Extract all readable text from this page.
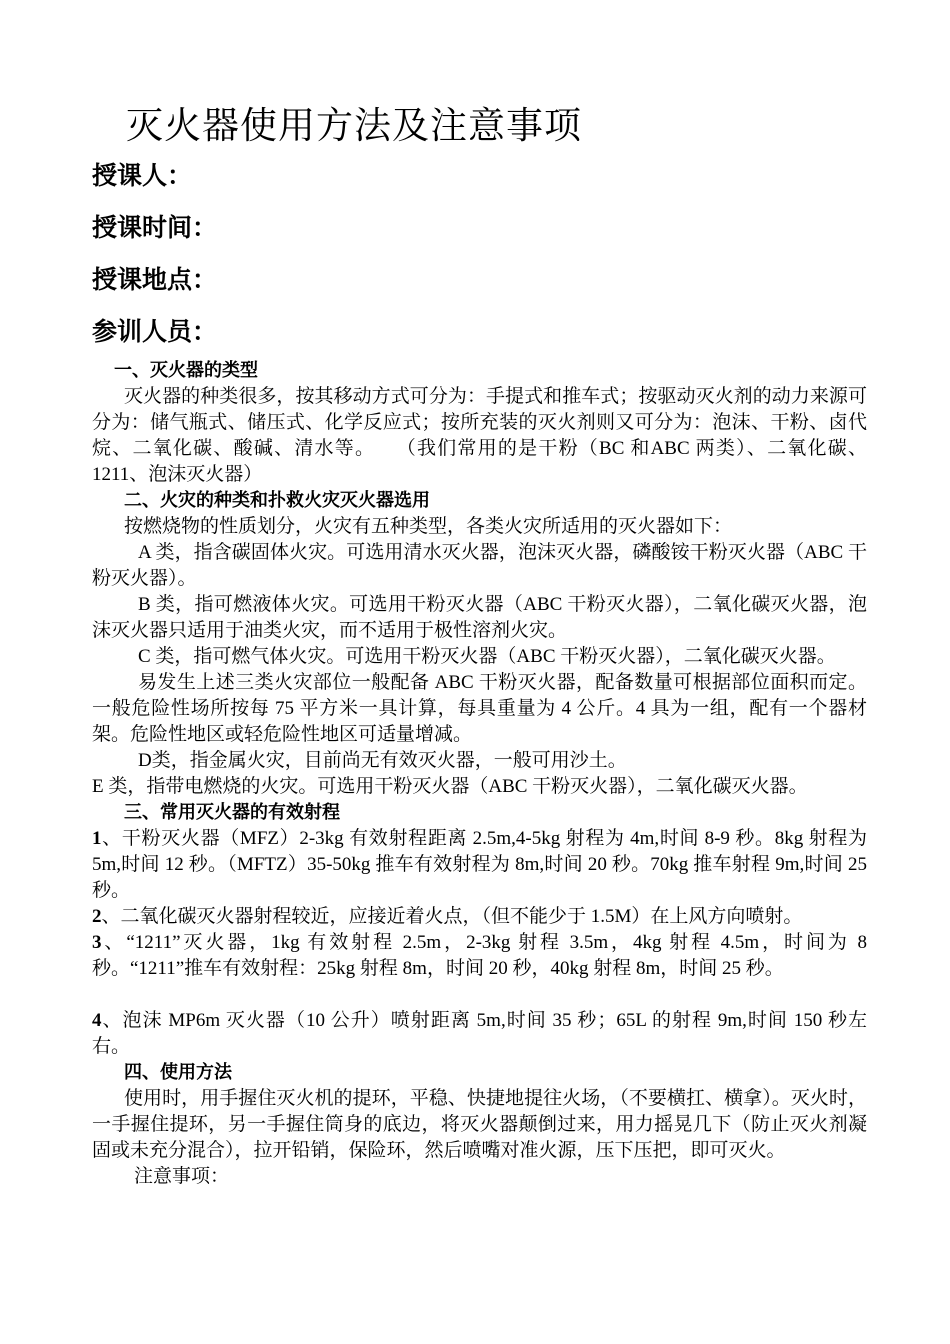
灭火器使用方法及注意事项

授课人：

授课时间：

授课地点：

参训人员：

一、灭火器的类型

灭火器的种类很多，按其移动方式可分为：手提式和推车式；按驱动灭火剂的动力来源可分为：储气瓶式、储压式、化学反应式；按所充装的灭火剂则又可分为：泡沫、干粉、卤代烷、二氧化碳、酸碱、清水等。　　（我们常用的是干粉（BC 和ABC 两类）、二氧化碳、1211、泡沫灭火器）

二、火灾的种类和扑救火灾灭火器选用

按燃烧物的性质划分，火灾有五种类型，各类火灾所适用的灭火器如下：

A 类，指含碳固体火灾。可选用清水灭火器，泡沫灭火器，磷酸铵干粉灭火器（ABC 干粉灭火器）。

B 类，指可燃液体火灾。可选用干粉灭火器（ABC 干粉灭火器），二氧化碳灭火器，泡沫灭火器只适用于油类火灾，而不适用于极性溶剂火灾。

C 类，指可燃气体火灾。可选用干粉灭火器（ABC 干粉灭火器），二氧化碳灭火器。

易发生上述三类火灾部位一般配备 ABC 干粉灭火器，配备数量可根据部位面积而定。一般危险性场所按每 75 平方米一具计算，每具重量为 4 公斤。4 具为一组，配有一个器材架。危险性地区或轻危险性地区可适量增减。

D类，指金属火灾，目前尚无有效灭火器，一般可用沙土。

E 类，指带电燃烧的火灾。可选用干粉灭火器（ABC 干粉灭火器），二氧化碳灭火器。

三、常用灭火器的有效射程

1、干粉灭火器（MFZ）2-3kg 有效射程距离 2.5m,4-5kg 射程为 4m,时间 8-9 秒。8kg 射程为 5m,时间 12 秒。（MFTZ）35-50kg 推车有效射程为 8m,时间 20 秒。70kg 推车射程 9m,时间 25 秒。

2、二氧化碳灭火器射程较近，应接近着火点，（但不能少于 1.5M）在上风方向喷射。

3、“1211”灭火器，1kg 有效射程 2.5m，2-3kg 射程 3.5m，4kg 射程 4.5m，时间为 8 秒。“1211”推车有效射程：25kg 射程 8m，时间 20 秒，40kg 射程 8m，时间 25 秒。

4、泡沫 MP6m 灭火器（10 公升）喷射距离 5m,时间 35 秒；65L 的射程 9m,时间 150 秒左右。

四、使用方法

使用时，用手握住灭火机的提环，平稳、快捷地提往火场，（不要横扛、横拿）。灭火时，一手握住提环，另一手握住筒身的底边，将灭火器颠倒过来，用力摇晃几下（防止灭火剂凝固或未充分混合），拉开铅销，保险环，然后喷嘴对准火源，压下压把，即可灭火。

注意事项：
